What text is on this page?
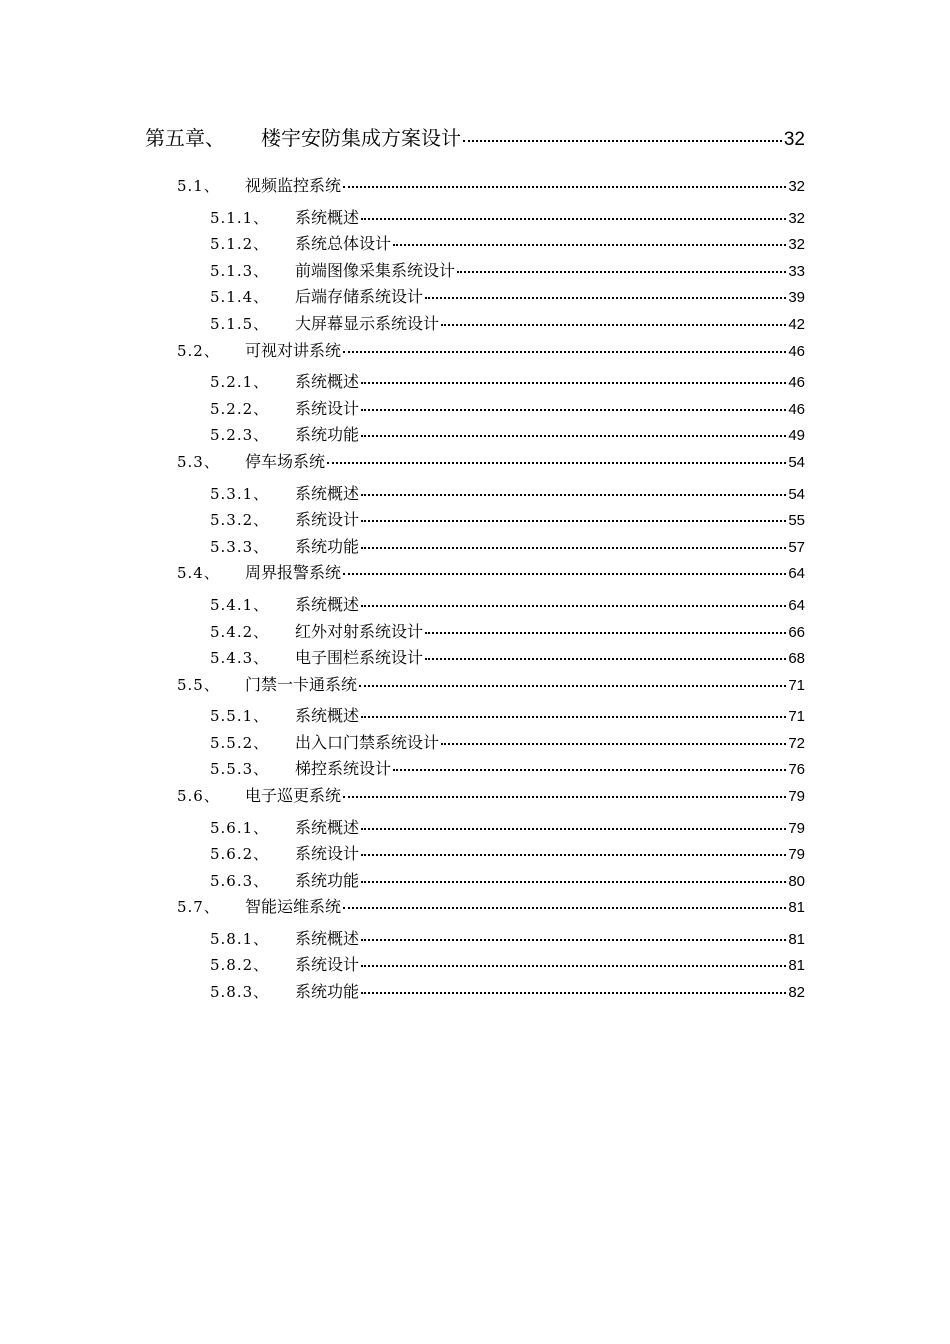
第五章、	楼宇安防集成方案设计	32
5.1、	视频监控系统	32
5.1.1、	系统概述	32
5.1.2、	系统总体设计	32
5.1.3、	前端图像采集系统设计	33
5.1.4、	后端存储系统设计	39
5.1.5、	大屏幕显示系统设计	42
5.2、	可视对讲系统	46
5.2.1、	系统概述	46
5.2.2、	系统设计	46
5.2.3、	系统功能	49
5.3、	停车场系统	54
5.3.1、	系统概述	54
5.3.2、	系统设计	55
5.3.3、	系统功能	57
5.4、	周界报警系统	64
5.4.1、	系统概述	64
5.4.2、	红外对射系统设计	66
5.4.3、	电子围栏系统设计	68
5.5、	门禁一卡通系统	71
5.5.1、	系统概述	71
5.5.2、	出入口门禁系统设计	72
5.5.3、	梯控系统设计	76
5.6、	电子巡更系统	79
5.6.1、	系统概述	79
5.6.2、	系统设计	79
5.6.3、	系统功能	80
5.7、	智能运维系统	81
5.8.1、	系统概述	81
5.8.2、	系统设计	81
5.8.3、	系统功能	82
